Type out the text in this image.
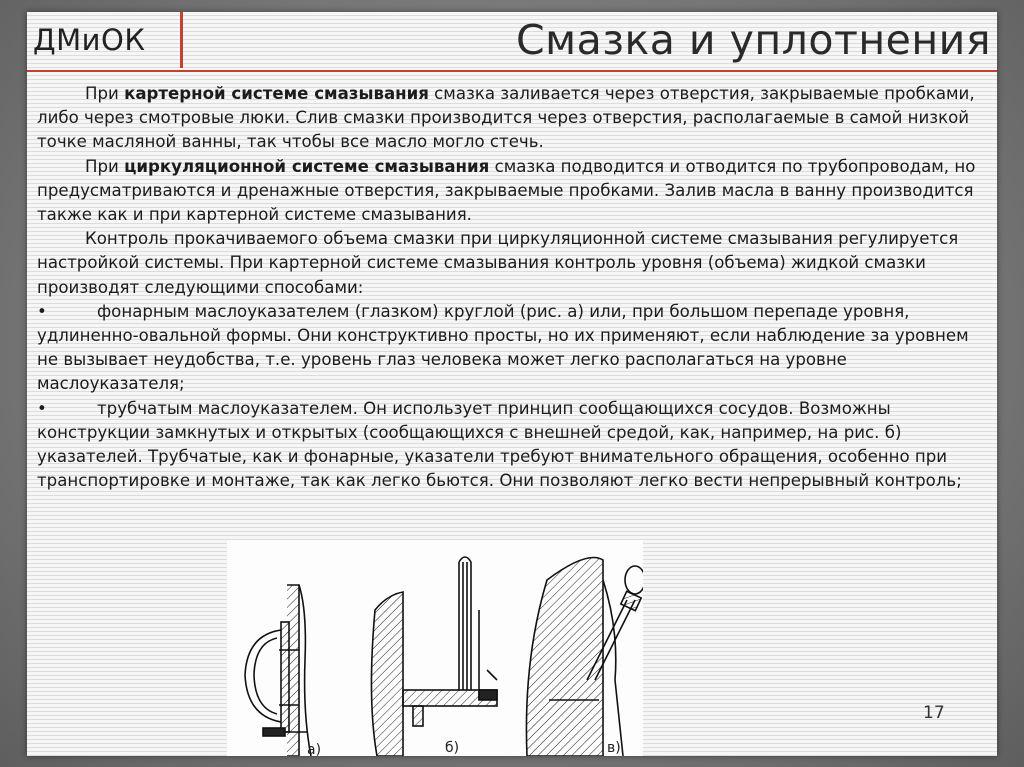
ДМиОК	Смазка и уплотнения

При картерной системе смазывания смазка заливается через отверстия, закрываемые пробками, либо через смотровые люки. Слив смазки производится через отверстия, располагаемые в самой низкой точке масляной ванны, так чтобы все масло могло стечь.

При циркуляционной системе смазывания смазка подводится и отводится по трубопроводам, но предусматриваются и дренажные отверстия, закрываемые пробками. Залив масла в ванну производится также как и при картерной системе смазывания.

Контроль прокачиваемого объема смазки при циркуляционной системе смазывания регулируется настройкой системы. При картерной системе смазывания контроль уровня (объема) жидкой смазки производят следующими способами:

•	фонарным маслоуказателем (глазком) круглой (рис. а) или, при большом перепаде уровня, удлиненно-овальной формы. Они конструктивно просты, но их применяют, если наблюдение за уровнем не вызывает неудобства, т.е. уровень глаз человека может легко располагаться на уровне маслоуказателя;

•	трубчатым маслоуказателем. Он использует принцип сообщающихся сосудов. Возможны конструкции замкнутых и открытых (сообщающихся с внешней средой, как, например, на рис. б) указателей. Трубчатые, как и фонарные, указатели требуют внимательного обращения, особенно при транспортировке и монтаже, так как легко бьются. Они позволяют легко вести непрерывный контроль;

а)	б)	в)
17
